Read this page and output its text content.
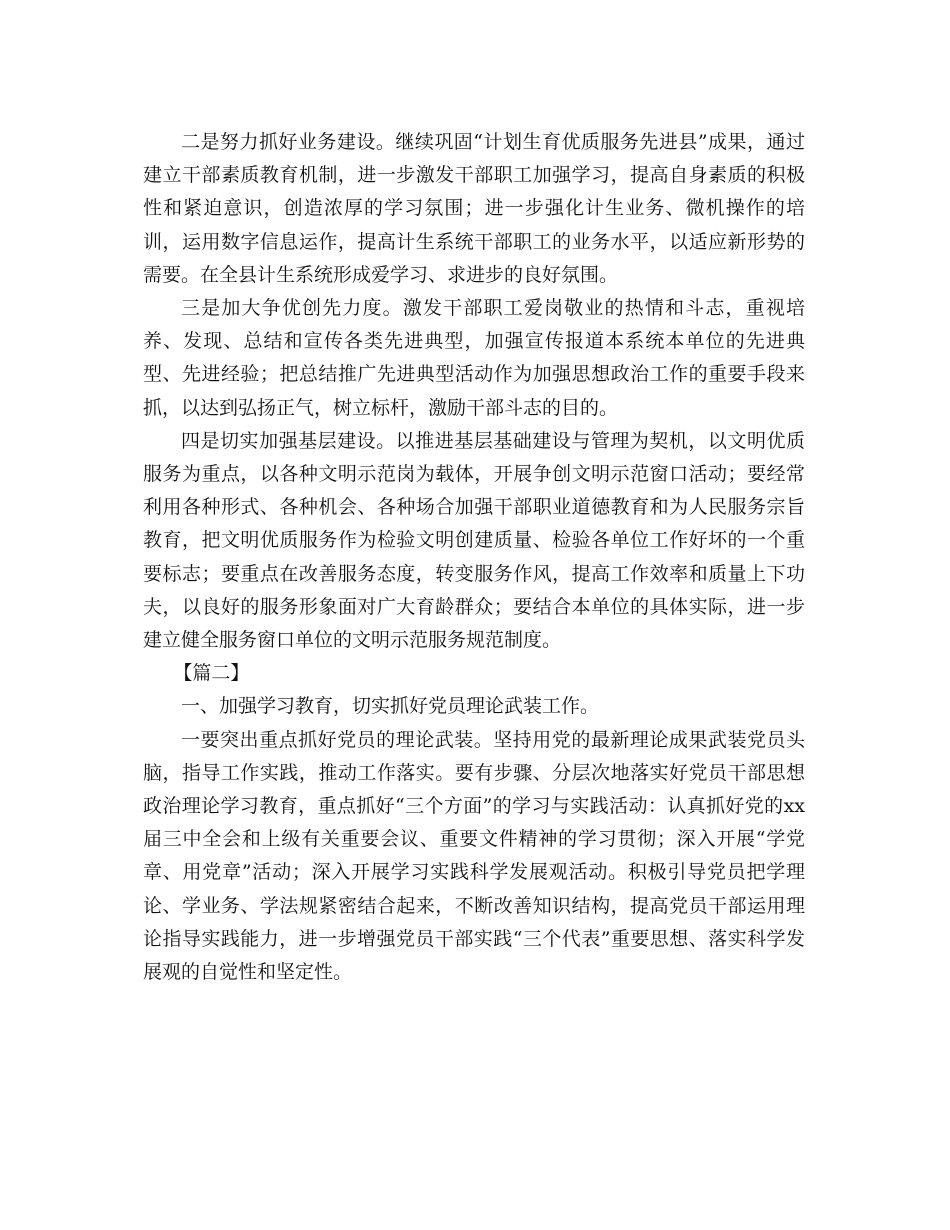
二是努力抓好业务建设。继续巩固“计划生育优质服务先进县”成果，通过建立干部素质教育机制，进一步激发干部职工加强学习，提高自身素质的积极性和紧迫意识，创造浓厚的学习氛围；进一步强化计生业务、微机操作的培训，运用数字信息运作，提高计生系统干部职工的业务水平，以适应新形势的需要。在全县计生系统形成爱学习、求进步的良好氛围。

三是加大争优创先力度。激发干部职工爱岗敬业的热情和斗志，重视培养、发现、总结和宣传各类先进典型，加强宣传报道本系统本单位的先进典型、先进经验；把总结推广先进典型活动作为加强思想政治工作的重要手段来抓，以达到弘扬正气，树立标杆，激励干部斗志的目的。

四是切实加强基层建设。以推进基层基础建设与管理为契机，以文明优质服务为重点，以各种文明示范岗为载体，开展争创文明示范窗口活动；要经常利用各种形式、各种机会、各种场合加强干部职业道德教育和为人民服务宗旨教育，把文明优质服务作为检验文明创建质量、检验各单位工作好坏的一个重要标志；要重点在改善服务态度，转变服务作风，提高工作效率和质量上下功夫，以良好的服务形象面对广大育龄群众；要结合本单位的具体实际，进一步建立健全服务窗口单位的文明示范服务规范制度。

【篇二】

一、加强学习教育，切实抓好党员理论武装工作。

一要突出重点抓好党员的理论武装。坚持用党的最新理论成果武装党员头脑，指导工作实践，推动工作落实。要有步骤、分层次地落实好党员干部思想政治理论学习教育，重点抓好“三个方面”的学习与实践活动：认真抓好党的xx届三中全会和上级有关重要会议、重要文件精神的学习贯彻；深入开展“学党章、用党章”活动；深入开展学习实践科学发展观活动。积极引导党员把学理论、学业务、学法规紧密结合起来，不断改善知识结构，提高党员干部运用理论指导实践能力，进一步增强党员干部实践“三个代表”重要思想、落实科学发展观的自觉性和坚定性。
